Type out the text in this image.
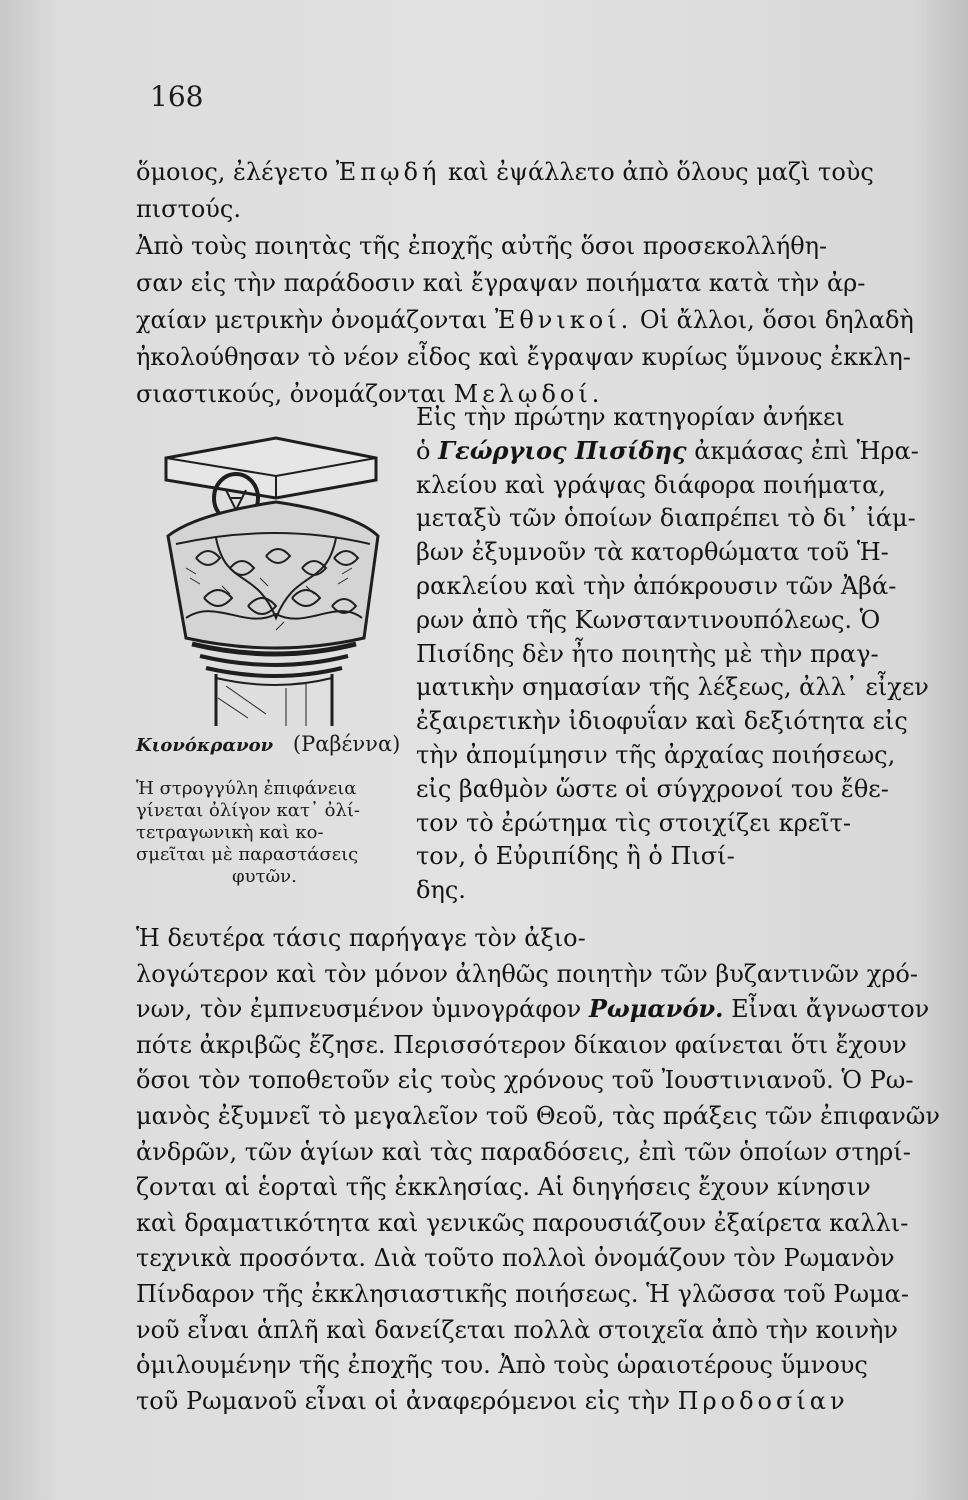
168
ὅμοιος, ἐλέγετο Ἐπῳδή καὶ ἐψάλλετο ἀπὸ ὅλους μαζὶ τοὺς
πιστούς.
Ἀπὸ τοὺς ποιητὰς τῆς ἐποχῆς αὐτῆς ὅσοι προσεκολλήθη-
σαν εἰς τὴν παράδοσιν καὶ ἔγραψαν ποιήματα κατὰ τὴν ἀρ-
χαίαν μετρικὴν ὀνομάζονται Ἐθνικοί. Οἱ ἄλλοι, ὅσοι δηλαδὴ
ἠκολούθησαν τὸ νέον εἶδος καὶ ἔγραψαν κυρίως ὕμνους ἐκκλη-
σιαστικούς, ὀνομάζονται Μελῳδοί.
Εἰς τὴν πρώτην κατηγορίαν ἀνήκει
ὁ Γεώργιος Πισίδης ἀκμάσας ἐπὶ Ἡρα-
κλείου καὶ γράψας διάφορα ποιήματα,
μεταξὺ τῶν ὁποίων διαπρέπει τὸ δι᾽ ἰάμ-
βων ἐξυμνοῦν τὰ κατορθώματα τοῦ Ἡ-
ρακλείου καὶ τὴν ἀπόκρουσιν τῶν Ἀβά-
ρων ἀπὸ τῆς Κωνσταντινουπόλεως. Ὁ
Πισίδης δὲν ἦτο ποιητὴς μὲ τὴν πραγ-
ματικὴν σημασίαν τῆς λέξεως, ἀλλ᾽ εἶχεν
ἐξαιρετικὴν ἰδιοφυΐαν καὶ δεξιότητα εἰς
τὴν ἀπομίμησιν τῆς ἀρχαίας ποιήσεως,
εἰς βαθμὸν ὥστε οἱ σύγχρονοί του ἔθε-
τον τὸ ἐρώτημα τὶς στοιχίζει κρεῖτ-
τον, ὁ Εὐριπίδης ἢ ὁ Πισί-
δης.
Κιονόκρανον (Ραβέννα)
Ἡ στρογγύλη ἐπιφάνεια
γίνεται ὀλίγον κατ᾽ ὀλί-
τετραγωνικὴ καὶ κο-
σμεῖται μὲ παραστάσεις
φυτῶν.
Ἡ δευτέρα τάσις παρήγαγε τὸν ἀξιο-
λογώτερον καὶ τὸν μόνον ἀληθῶς ποιητὴν τῶν βυζαντινῶν χρό-
νων, τὸν ἐμπνευσμένον ὑμνογράφον Ρωμανόν. Εἶναι ἄγνωστον
πότε ἀκριβῶς ἔζησε. Περισσότερον δίκαιον φαίνεται ὅτι ἔχουν
ὅσοι τὸν τοποθετοῦν εἰς τοὺς χρόνους τοῦ Ἰουστινιανοῦ. Ὁ Ρω-
μανὸς ἐξυμνεῖ τὸ μεγαλεῖον τοῦ Θεοῦ, τὰς πράξεις τῶν ἐπιφανῶν
ἀνδρῶν, τῶν ἁγίων καὶ τὰς παραδόσεις, ἐπὶ τῶν ὁποίων στηρί-
ζονται αἱ ἑορταὶ τῆς ἐκκλησίας. Αἱ διηγήσεις ἔχουν κίνησιν
καὶ δραματικότητα καὶ γενικῶς παρουσιάζουν ἐξαίρετα καλλι-
τεχνικὰ προσόντα. Διὰ τοῦτο πολλοὶ ὀνομάζουν τὸν Ρωμανὸν
Πίνδαρον τῆς ἐκκλησιαστικῆς ποιήσεως. Ἡ γλῶσσα τοῦ Ρωμα-
νοῦ εἶναι ἁπλῆ καὶ δανείζεται πολλὰ στοιχεῖα ἀπὸ τὴν κοινὴν
ὁμιλουμένην τῆς ἐποχῆς του. Ἀπὸ τοὺς ὡραιοτέρους ὕμνους
τοῦ Ρωμανοῦ εἶναι οἱ ἀναφερόμενοι εἰς τὴν Προδοσίαν
